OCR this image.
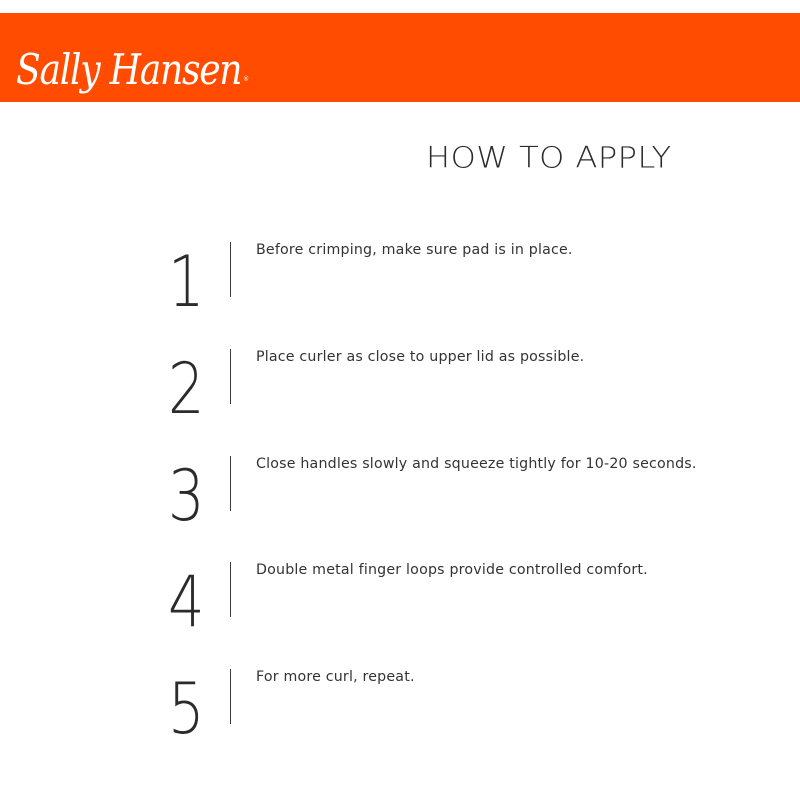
Sally Hansen ®
HOW TO APPLY
1	Before crimping, make sure pad is in place.
2	Place curler as close to upper lid as possible.
3	Close handles slowly and squeeze tightly for 10-20 seconds.
4	Double metal finger loops provide controlled comfort.
5	For more curl, repeat.
